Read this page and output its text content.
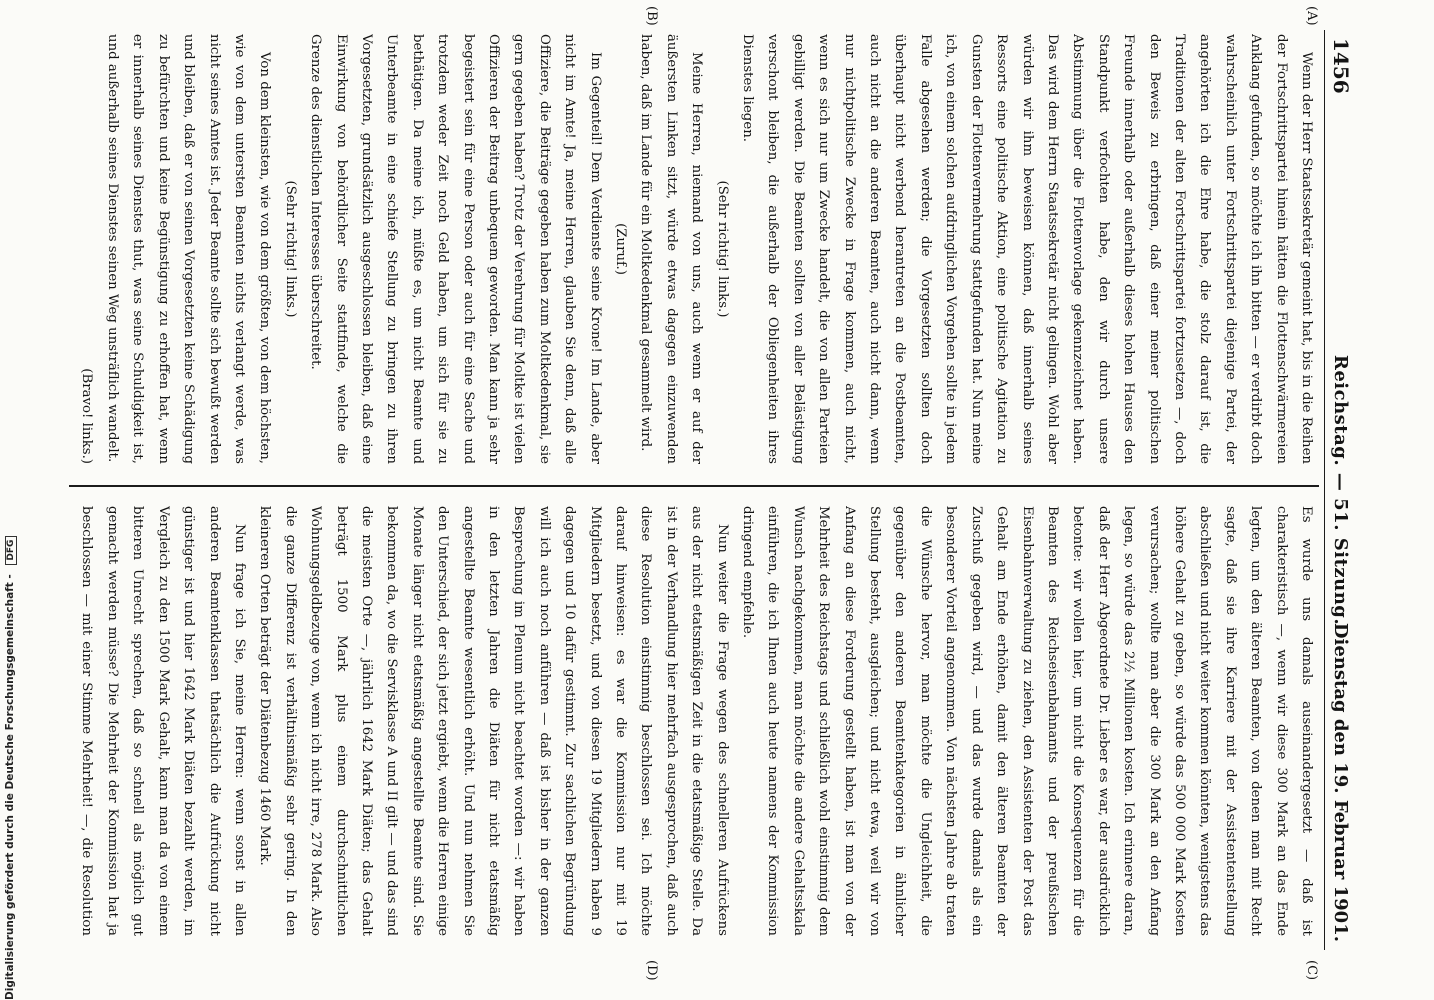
1456
Reichstag. — 51. Sitzung.
Dienstag den 19. Februar 1901.
(A)
(B)
(C)
(D)

Wenn der Herr Staatssekretär gemeint hat, bis in die Reihen der Fortschrittspartei hinein hätten die Flottenschwärmereien Anklang gefunden, so möchte ich ihn bitten — er verdirbt doch wahrscheinlich unter Fortschrittspartei diejenige Partei, der angehörten ich die Ehre habe, die stolz darauf ist, die Traditionen der alten Fortschrittspartei fortzusetzen —, doch den Beweis zu erbringen, daß einer meiner politischen Freunde innerhalb oder außerhalb dieses hohen Hauses den Standpunkt verfochten habe, den wir durch unsere Abstimmung über die Flottenvorlage gekennzeichnet haben. Das wird dem Herrn Staatssekretär nicht gelingen. Wohl aber würden wir ihm beweisen können, daß innerhalb seines Ressorts eine politische Aktion, eine politische Agitation zu Gunsten der Flottenvermehrung stattgefunden hat. Nun meine ich, von einem solchen aufdringlichen Vorgehen sollte in jedem Falle abgesehen werden; die Vorgesetzten sollten doch überhaupt nicht werbend herantreten an die Postbeamten, auch nicht an die anderen Beamten, auch nicht dann, wenn nur nichtpolitische Zwecke in Frage kommen, auch nicht, wenn es sich nur um Zwecke handelt, die von allen Parteien gebilligt werden. Die Beamten sollten von aller Belästigung verschont bleiben, die außerhalb der Obliegenheiten ihres Dienstes liegen.

(Sehr richtig! links.)

Meine Herren, niemand von uns, auch wenn er auf der äußersten Linken sitzt, würde etwas dagegen einzuwenden haben, daß im Lande für ein Moltkedenkmal gesammelt wird.

(Zuruf.)

Im Gegenteil! Dem Verdienste seine Krone! Im Lande, aber nicht im Amte! Ja, meine Herren, glauben Sie denn, daß alle Offiziere, die Beiträge gegeben haben zum Moltkedenkmal, sie gern gegeben haben? Trotz der Verehrung für Moltke ist vielen Offizieren der Beitrag unbequem geworden. Man kann ja sehr begeistert sein für eine Person oder auch für eine Sache und trotzdem weder Zeit noch Geld haben, um sich für sie zu bethätigen. Da meine ich, müßte es, um nicht Beamte und Unterbeamte in eine schiefe Stellung zu bringen zu ihren Vorgesetzten, grundsätzlich ausgeschlossen bleiben, daß eine Einwirkung von behördlicher Seite stattfinde, welche die Grenze des dienstlichen Interesses überschreitet.

(Sehr richtig! links.)

Von dem kleinsten, wie von dem größten, von dem höchsten, wie von dem untersten Beamten nichts verlangt werde, was nicht seines Amtes ist. Jeder Beamte sollte sich bewußt werden und bleiben, daß er von seinen Vorgesetzten keine Schädigung zu befürchten und keine Begünstigung zu erhoffen hat, wenn er innerhalb seines Dienstes thut, was seine Schuldigkeit ist, und außerhalb seines Dienstes seinen Weg unsträflich wandelt.

(Bravo! links.)

Es wurde uns damals auseinandergesetzt — daß ist charakteristisch —, wenn wir diese 300 Mark an das Ende legten, um den älteren Beamten, von denen man mit Recht sagte, daß sie ihre Karriere mit der Assistentenstellung abschließen und nicht weiter kommen könnten, wenigstens das höhere Gehalt zu geben, so würde das 500 000 Mark Kosten verursachen; wollte man aber die 300 Mark an den Anfang legen, so würde das 2½ Millionen kosten. Ich erinnere daran, daß der Herr Abgeordnete Dr. Lieber es war, der ausdrücklich betonte: wir wollen hier, um nicht die Konsequenzen für die Beamten des Reichseisenbahnamts und der preußischen Eisenbahnverwaltung zu ziehen, den Assistenten der Post das Gehalt am Ende erhöhen, damit den älteren Beamten der Zuschuß gegeben wird, — und das wurde damals als ein besonderer Vorteil angenommen. Von nächsten Jahre ab traten die Wünsche hervor, man möchte die Ungleichheit, die gegenüber den anderen Beamtenkategorien in ähnlicher Stellung besteht, ausgleichen; und nicht etwa, weil wir von Anfang an diese Forderung gestellt haben, ist man von der Mehrheit des Reichstags und schließlich wohl einstimmig dem Wunsch nachgekommen, man möchte die andere Gehaltsskala einführen, die ich Ihnen auch heute namens der Kommission dringend empfehle.

Nun weiter die Frage wegen des schnelleren Aufrückens aus der nicht etatsmäßigen Zeit in die etatsmäßige Stelle. Da ist in der Verhandlung hier mehrfach ausgesprochen, daß auch diese Resolution einstimmig beschlossen sei. Ich möchte darauf hinweisen: es war die Kommission nur mit 19 Mitgliedern besetzt, und von diesen 19 Mitgliedern haben 9 dagegen und 10 dafür gestimmt. Zur sachlichen Begründung will ich auch noch anführen — daß ist bisher in der ganzen Besprechung im Plenum nicht beachtet worden —: wir haben in den letzten Jahren die Diäten für nicht etatsmäßig angestellte Beamte wesentlich erhöht. Und nun nehmen Sie den Unterschied, der sich jetzt ergiebt, wenn die Herren einige Monate länger nicht etatsmäßig angestellte Beamte sind. Sie bekommen da, wo die Servisklasse A und II gilt — und das sind die meisten Orte —, jährlich 1642 Mark Diäten; das Gehalt beträgt 1500 Mark plus einem durchschnittlichen Wohnungsgeldbezuge von, wenn ich nicht irre, 278 Mark. Also die ganze Differenz ist verhältnismäßig sehr gering. In den kleineren Orten beträgt der Diätenbezug 1460 Mark.

Nun frage ich Sie, meine Herren: wenn sonst in allen anderen Beamtenklassen thatsächlich die Aufrückung nicht günstiger ist und hier 1642 Mark Diäten bezahlt werden, im Vergleich zu den 1500 Mark Gehalt, kann man da von einem bitteren Unrecht sprechen, daß so schnell als möglich gut gemacht werden müsse? Die Mehrheit der Kommission hat ja beschlossen — mit einer Stimme Mehrheit! —, die Resolution

Digitalisierung gefördert durch die Deutsche Forschungsgemeinschaft - DFG
